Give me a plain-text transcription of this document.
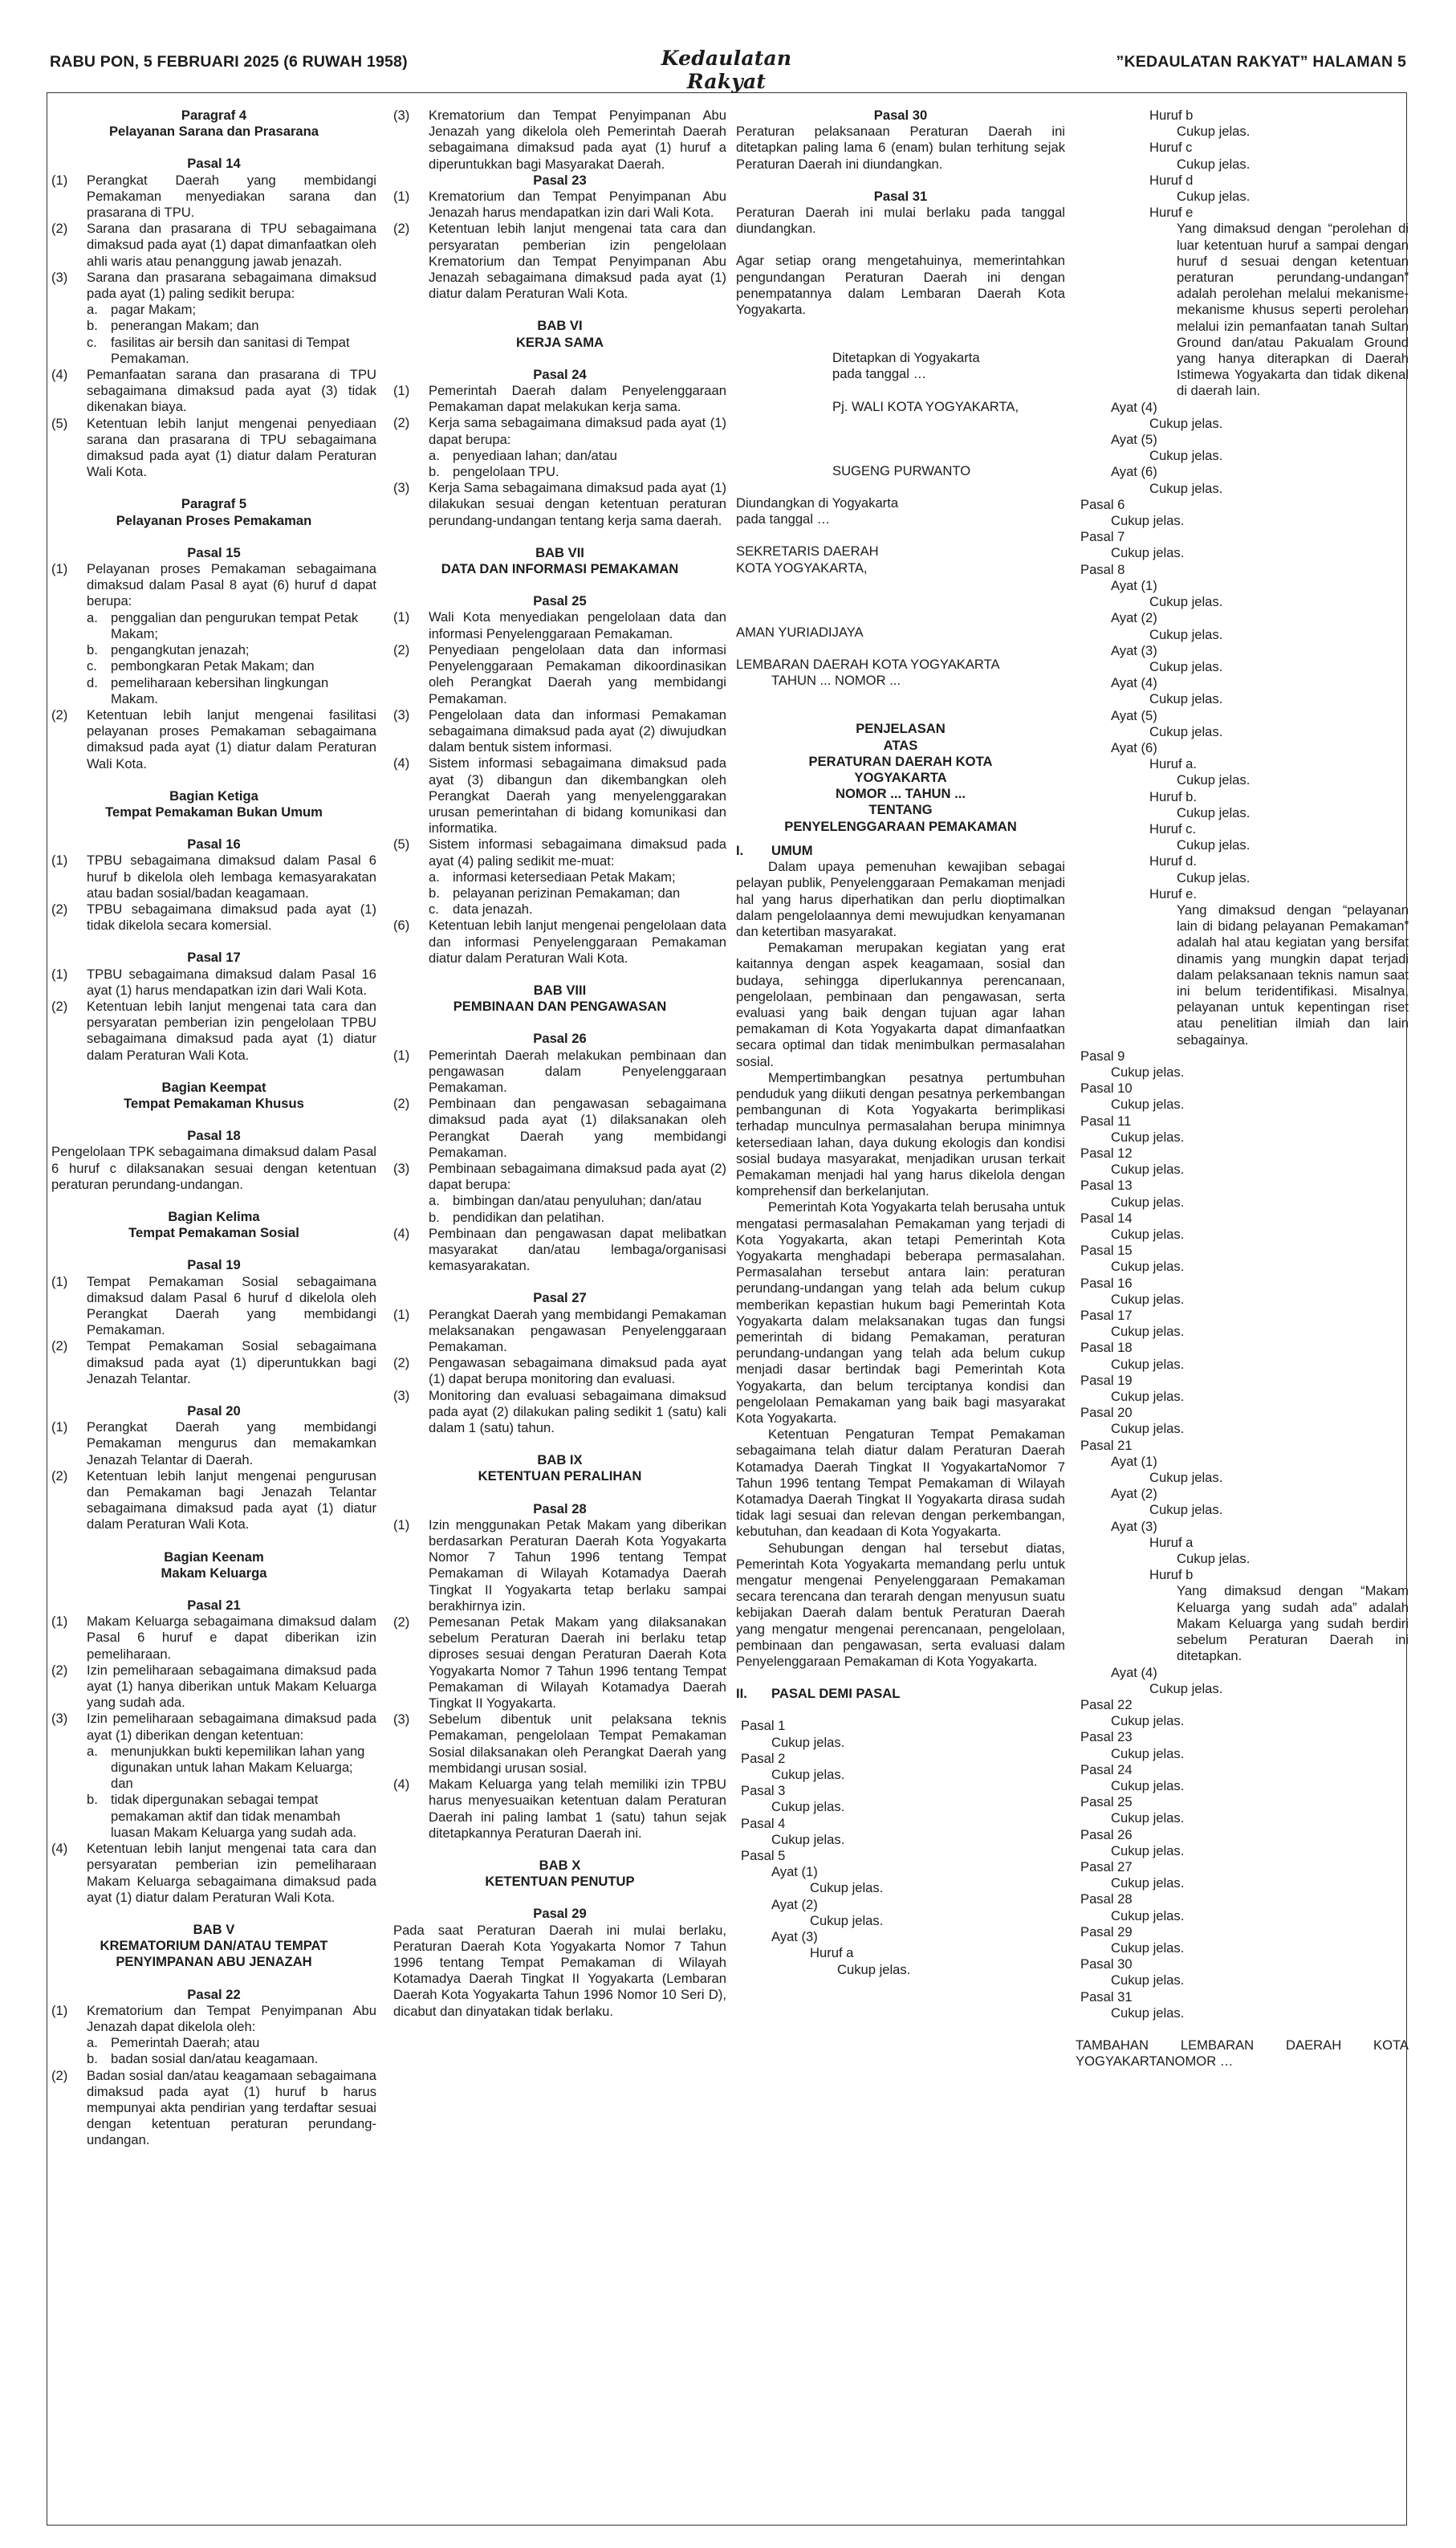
RABU PON, 5 FEBRUARI 2025 (6 RUWAH 1958)	Kedaulatan Rakyat
”KEDAULATAN RAKYAT” HALAMAN 5

Paragraf 4

Pelayanan Sarana dan Prasarana

Pasal 14

(1)	Perangkat Daerah yang membidangi Pemakaman menyediakan sarana dan prasarana di TPU.
(2)	Sarana dan prasarana di TPU sebagaimana dimaksud pada ayat (1) dapat dimanfaatkan oleh ahli waris atau penanggung jawab jenazah.
(3)	Sarana dan prasarana sebagaimana dimaksud pada ayat (1) paling sedikit berupa:
a. pagar Makam;
b. penerangan Makam; dan
c.	fasilitas air bersih dan sanitasi di Tempat Pemakaman.
(4)	Pemanfaatan sarana dan prasarana di TPU sebagaimana dimaksud pada ayat (3) tidak dikenakan biaya.
(5)	Ketentuan lebih lanjut mengenai penyediaan sarana dan prasarana di TPU sebagaimana dimaksud pada ayat (1) diatur dalam Peraturan Wali Kota.

Paragraf 5

Pelayanan Proses Pemakaman

Pasal 15

(1)	Pelayanan proses Pemakaman sebagaimana dimaksud dalam Pasal 8 ayat (6) huruf d dapat berupa:
a. penggalian dan pengurukan tempat Petak Makam;
b. pengangkutan jenazah;
c.	pembongkaran Petak Makam; dan
d. pemeliharaan kebersihan lingkungan Makam.
(2)	Ketentuan lebih lanjut mengenai fasilitasi pelayanan proses Pemakaman sebagaimana dimaksud pada ayat (1) diatur dalam Peraturan Wali Kota.

Bagian Ketiga

Tempat Pemakaman Bukan Umum

Pasal 16

(1)	TPBU sebagaimana dimaksud dalam Pasal 6 huruf b dikelola oleh lembaga kemasyarakatan atau badan sosial/badan keagamaan.
(2)	TPBU sebagaimana dimaksud pada ayat (1) tidak dikelola secara komersial.

Pasal 17

(1)	TPBU sebagaimana dimaksud dalam Pasal 16 ayat (1) harus mendapatkan izin dari Wali Kota.
(2)	Ketentuan lebih lanjut mengenai tata cara dan persyaratan pemberian izin pengelolaan TPBU sebagaimana dimaksud pada ayat (1) diatur dalam Peraturan Wali Kota.

Bagian Keempat

Tempat Pemakaman Khusus

Pasal 18

Pengelolaan TPK sebagaimana dimaksud dalam Pasal 6 huruf c dilaksanakan sesuai dengan ketentuan peraturan perundang-undangan.

Bagian Kelima

Tempat Pemakaman Sosial

Pasal 19

(1)	Tempat Pemakaman Sosial sebagaimana dimaksud dalam Pasal 6 huruf d dikelola oleh Perangkat Daerah yang membidangi Pemakaman.
(2)	Tempat Pemakaman Sosial sebagaimana dimaksud pada ayat (1) diperuntukkan bagi Jenazah Telantar.

Pasal 20

(1)	Perangkat Daerah yang membidangi Pemakaman mengurus dan memakamkan Jenazah Telantar di Daerah.
(2)	Ketentuan lebih lanjut mengenai pengurusan dan Pemakaman bagi Jenazah Telantar sebagaimana dimaksud pada ayat (1) diatur dalam Peraturan Wali Kota.

Bagian Keenam

Makam Keluarga

Pasal 21

(1)	Makam Keluarga sebagaimana dimaksud dalam Pasal 6 huruf e dapat diberikan izin pemeliharaan.
(2)	Izin pemeliharaan sebagaimana dimaksud pada ayat (1) hanya diberikan untuk Makam Keluarga yang sudah ada.
(3)	Izin pemeliharaan sebagaimana dimaksud pada ayat (1) diberikan dengan ketentuan:
a. menunjukkan bukti kepemilikan lahan yang digunakan untuk lahan Makam Keluarga; dan
b. tidak dipergunakan sebagai tempat pemakaman aktif dan tidak menambah luasan Makam Keluarga yang sudah ada.
(4)	Ketentuan lebih lanjut mengenai tata cara dan persyaratan pemberian izin pemeliharaan Makam Keluarga sebagaimana dimaksud pada ayat (1) diatur dalam Peraturan Wali Kota.

BAB V

KREMATORIUM DAN/ATAU TEMPAT

PENYIMPANAN ABU JENAZAH

Pasal 22

(1)	Krematorium dan Tempat Penyimpanan Abu Jenazah dapat dikelola oleh:
a. Pemerintah Daerah; atau
b. badan sosial dan/atau keagamaan.
(2)	Badan sosial dan/atau keagamaan sebagaimana dimaksud pada ayat (1) huruf b harus mempunyai akta pendirian yang terdaftar sesuai dengan ketentuan peraturan perundang-undangan.
(3)	Krematorium dan Tempat Penyimpanan Abu Jenazah yang dikelola oleh Pemerintah Daerah sebagaimana dimaksud pada ayat (1) huruf a diperuntukkan bagi Masyarakat Daerah.

Pasal 23

(1)	Krematorium dan Tempat Penyimpanan Abu Jenazah harus mendapatkan izin dari Wali Kota.
(2)	Ketentuan lebih lanjut mengenai tata cara dan persyaratan pemberian izin pengelolaan Krematorium dan Tempat Penyimpanan Abu Jenazah sebagaimana dimaksud pada ayat (1) diatur dalam Peraturan Wali Kota.

BAB VI

KERJA SAMA

Pasal 24

(1)	Pemerintah Daerah dalam Penyelenggaraan Pemakaman dapat melakukan kerja sama.
(2)	Kerja sama sebagaimana dimaksud pada ayat (1) dapat berupa:
a. penyediaan lahan; dan/atau
b. pengelolaan TPU.
(3)	Kerja Sama sebagaimana dimaksud pada ayat (1) dilakukan sesuai dengan ketentuan peraturan perundang-undangan tentang kerja sama daerah.

BAB VII

DATA DAN INFORMASI PEMAKAMAN

Pasal 25

(1)	Wali Kota menyediakan pengelolaan data dan informasi Penyelenggaraan Pemakaman.
(2)	Penyediaan pengelolaan data dan informasi Penyelenggaraan Pemakaman dikoordinasikan oleh Perangkat Daerah yang membidangi Pemakaman.
(3)	Pengelolaan data dan informasi Pemakaman sebagaimana dimaksud pada ayat (2) diwujudkan dalam bentuk sistem informasi.
(4)	Sistem informasi sebagaimana dimaksud pada ayat (3) dibangun dan dikembangkan oleh Perangkat Daerah yang menyelenggarakan urusan pemerintahan di bidang komunikasi dan informatika.
(5)	Sistem informasi sebagaimana dimaksud pada ayat (4) paling sedikit me-muat:
a. informasi ketersediaan Petak Makam;
b. pelayanan perizinan Pemakaman; dan
c.	data jenazah.
(6)	Ketentuan lebih lanjut mengenai pengelolaan data dan informasi Penyelenggaraan Pemakaman diatur dalam Peraturan Wali Kota.

BAB VIII

PEMBINAAN DAN PENGAWASAN

Pasal 26

(1)	Pemerintah Daerah melakukan pembinaan dan pengawasan dalam Penyelenggaraan Pemakaman.
(2)	Pembinaan dan pengawasan sebagaimana dimaksud pada ayat (1) dilaksanakan oleh Perangkat Daerah yang membidangi Pemakaman.
(3)	Pembinaan sebagaimana dimaksud pada ayat (2) dapat berupa:
a. bimbingan dan/atau penyuluhan; dan/atau
b. pendidikan dan pelatihan.
(4)	Pembinaan dan pengawasan dapat melibatkan masyarakat dan/atau lembaga/organisasi kemasyarakatan.

Pasal 27

(1)	Perangkat Daerah yang membidangi Pemakaman melaksanakan pengawasan Penyelenggaraan Pemakaman.
(2)	Pengawasan sebagaimana dimaksud pada ayat (1) dapat berupa monitoring dan evaluasi.
(3)	Monitoring dan evaluasi sebagaimana dimaksud pada ayat (2) dilakukan paling sedikit 1 (satu) kali dalam 1 (satu) tahun.

BAB IX

KETENTUAN PERALIHAN

Pasal 28

(1)	Izin menggunakan Petak Makam yang diberikan berdasarkan Peraturan Daerah Kota Yogyakarta Nomor 7 Tahun 1996 tentang Tempat Pemakaman di Wilayah Kotamadya Daerah Tingkat II Yogyakarta tetap berlaku sampai berakhirnya izin.
(2)	Pemesanan Petak Makam yang dilaksanakan sebelum Peraturan Daerah ini berlaku tetap diproses sesuai dengan Peraturan Daerah Kota Yogyakarta Nomor 7 Tahun 1996 tentang Tempat Pemakaman di Wilayah Kotamadya Daerah Tingkat II Yogyakarta.
(3)	Sebelum dibentuk unit pelaksana teknis Pemakaman, pengelolaan Tempat Pemakaman Sosial dilaksanakan oleh Perangkat Daerah yang membidangi urusan sosial.
(4)	Makam Keluarga yang telah memiliki izin TPBU harus menyesuaikan ketentuan dalam Peraturan Daerah ini paling lambat 1 (satu) tahun sejak ditetapkannya Peraturan Daerah ini.

BAB X

KETENTUAN PENUTUP

Pasal 29

Pada saat Peraturan Daerah ini mulai berlaku, Peraturan Daerah Kota Yogyakarta Nomor 7 Tahun 1996 tentang Tempat Pemakaman di Wilayah Kotamadya Daerah Tingkat II Yogyakarta (Lembaran Daerah Kota Yogyakarta Tahun 1996 Nomor 10 Seri D), dicabut dan dinyatakan tidak berlaku.

Pasal 30

Peraturan pelaksanaan Peraturan Daerah ini ditetapkan paling lama 6 (enam) bulan terhitung sejak Peraturan Daerah ini diundangkan.

Pasal 31

Peraturan Daerah ini mulai berlaku pada tanggal diundangkan.

Agar setiap orang mengetahuinya, memerintahkan pengundangan Peraturan Daerah ini dengan penempatannya dalam Lembaran Daerah Kota Yogyakarta.

Ditetapkan di Yogyakarta

pada tanggal …

Pj. WALI KOTA YOGYAKARTA,

SUGENG PURWANTO

Diundangkan di Yogyakarta

pada tanggal …

SEKRETARIS DAERAH

KOTA YOGYAKARTA,

AMAN YURIADIJAYA

LEMBARAN DAERAH KOTA YOGYAKARTA

TAHUN ... NOMOR ...

PENJELASAN

ATAS

PERATURAN DAERAH KOTA

YOGYAKARTA

NOMOR ... TAHUN ...

TENTANG

PENYELENGGARAAN PEMAKAMAN

I.	UMUM

Dalam upaya pemenuhan kewajiban sebagai pelayan publik, Penyelenggaraan Pemakaman menjadi hal yang harus diperhatikan dan perlu dioptimalkan dalam pengelolaannya demi mewujudkan kenyamanan dan ketertiban masyarakat.

Pemakaman merupakan kegiatan yang erat kaitannya dengan aspek keagamaan, sosial dan budaya, sehingga diperlukannya perencanaan, pengelolaan, pembinaan dan pengawasan, serta evaluasi yang baik dengan tujuan agar lahan pemakaman di Kota Yogyakarta dapat dimanfaatkan secara optimal dan tidak menimbulkan permasalahan sosial.

Mempertimbangkan pesatnya pertumbuhan penduduk yang diikuti dengan pesatnya perkembangan pembangunan di Kota Yogyakarta berimplikasi terhadap munculnya permasalahan berupa minimnya ketersediaan lahan, daya dukung ekologis dan kondisi sosial budaya masyarakat, menjadikan urusan terkait Pemakaman menjadi hal yang harus dikelola dengan komprehensif dan berkelanjutan.

Pemerintah Kota Yogyakarta telah berusaha untuk mengatasi permasalahan Pemakaman yang terjadi di Kota Yogyakarta, akan tetapi Pemerintah Kota Yogyakarta menghadapi beberapa permasalahan. Permasalahan tersebut antara lain: peraturan perundang-undangan yang telah ada belum cukup memberikan kepastian hukum bagi Pemerintah Kota Yogyakarta dalam melaksanakan tugas dan fungsi pemerintah di bidang Pemakaman, peraturan perundang-undangan yang telah ada belum cukup menjadi dasar bertindak bagi Pemerintah Kota Yogyakarta, dan belum terciptanya kondisi dan pengelolaan Pemakaman yang baik bagi masyarakat Kota Yogyakarta.

Ketentuan Pengaturan Tempat Pemakaman sebagaimana telah diatur dalam Peraturan Daerah Kotamadya Daerah Tingkat II YogyakartaNomor 7 Tahun 1996 tentang Tempat Pemakaman di Wilayah Kotamadya Daerah Tingkat II Yogyakarta dirasa sudah tidak lagi sesuai dan relevan dengan perkembangan, kebutuhan, dan keadaan di Kota Yogyakarta.

Sehubungan dengan hal tersebut diatas, Pemerintah Kota Yogyakarta memandang perlu untuk mengatur mengenai Penyelenggaraan Pemakaman secara terencana dan terarah dengan menyusun suatu kebijakan Daerah dalam bentuk Peraturan Daerah yang mengatur mengenai perencanaan, pengelolaan, pembinaan dan pengawasan, serta evaluasi dalam Penyelenggaraan Pemakaman di Kota Yogyakarta.

II.	PASAL DEMI PASAL

Pasal 1

Cukup jelas.

Pasal 2

Cukup jelas.

Pasal 3

Cukup jelas.

Pasal 4

Cukup jelas.

Pasal 5

Ayat (1)

Cukup jelas.

Ayat (2)

Cukup jelas.

Ayat (3)

Huruf a

Cukup jelas.

Huruf b

Cukup jelas.

Huruf c

Cukup jelas.

Huruf d

Cukup jelas.

Huruf e

Yang dimaksud dengan “perolehan di luar ketentuan huruf a sampai dengan huruf d sesuai dengan ketentuan peraturan perundang-undangan” adalah perolehan melalui mekanisme-mekanisme khusus seperti perolehan melalui izin pemanfaatan tanah Sultan Ground dan/atau Pakualam Ground yang hanya diterapkan di Daerah Istimewa Yogyakarta dan tidak dikenal di daerah lain.

Ayat (4)

Cukup jelas.

Ayat (5)

Cukup jelas.

Ayat (6)

Cukup jelas.

Pasal 6

Cukup jelas.

Pasal 7

Cukup jelas.

Pasal 8

Ayat (1)

Cukup jelas.

Ayat (2)

Cukup jelas.

Ayat (3)

Cukup jelas.

Ayat (4)

Cukup jelas.

Ayat (5)

Cukup jelas.

Ayat (6)

Huruf a.

Cukup jelas.

Huruf b.

Cukup jelas.

Huruf c.

Cukup jelas.

Huruf d.

Cukup jelas.

Huruf e.

Yang dimaksud dengan “pelayanan lain di bidang pelayanan Pemakaman” adalah hal atau kegiatan yang bersifat dinamis yang mungkin dapat terjadi dalam pelaksanaan teknis namun saat ini belum teridentifikasi. Misalnya, pelayanan untuk kepentingan riset atau penelitian ilmiah dan lain sebagainya.

Pasal 9

Cukup jelas.

Pasal 10

Cukup jelas.

Pasal 11

Cukup jelas.

Pasal 12

Cukup jelas.

Pasal 13

Cukup jelas.

Pasal 14

Cukup jelas.

Pasal 15

Cukup jelas.

Pasal 16

Cukup jelas.

Pasal 17

Cukup jelas.

Pasal 18

Cukup jelas.

Pasal 19

Cukup jelas.

Pasal 20

Cukup jelas.

Pasal 21

Ayat (1)

Cukup jelas.

Ayat (2)

Cukup jelas.

Ayat (3)

Huruf a

Cukup jelas.

Huruf b

Yang dimaksud dengan “Makam Keluarga yang sudah ada” adalah Makam Keluarga yang sudah berdiri sebelum Peraturan Daerah ini ditetapkan.

Ayat (4)

Cukup jelas.

Pasal 22

Cukup jelas.

Pasal 23

Cukup jelas.

Pasal 24

Cukup jelas.

Pasal 25

Cukup jelas.

Pasal 26

Cukup jelas.

Pasal 27

Cukup jelas.

Pasal 28

Cukup jelas.

Pasal 29

Cukup jelas.

Pasal 30

Cukup jelas.

Pasal 31

Cukup jelas.

TAMBAHAN LEMBARAN DAERAH KOTA YOGYAKARTANOMOR …
